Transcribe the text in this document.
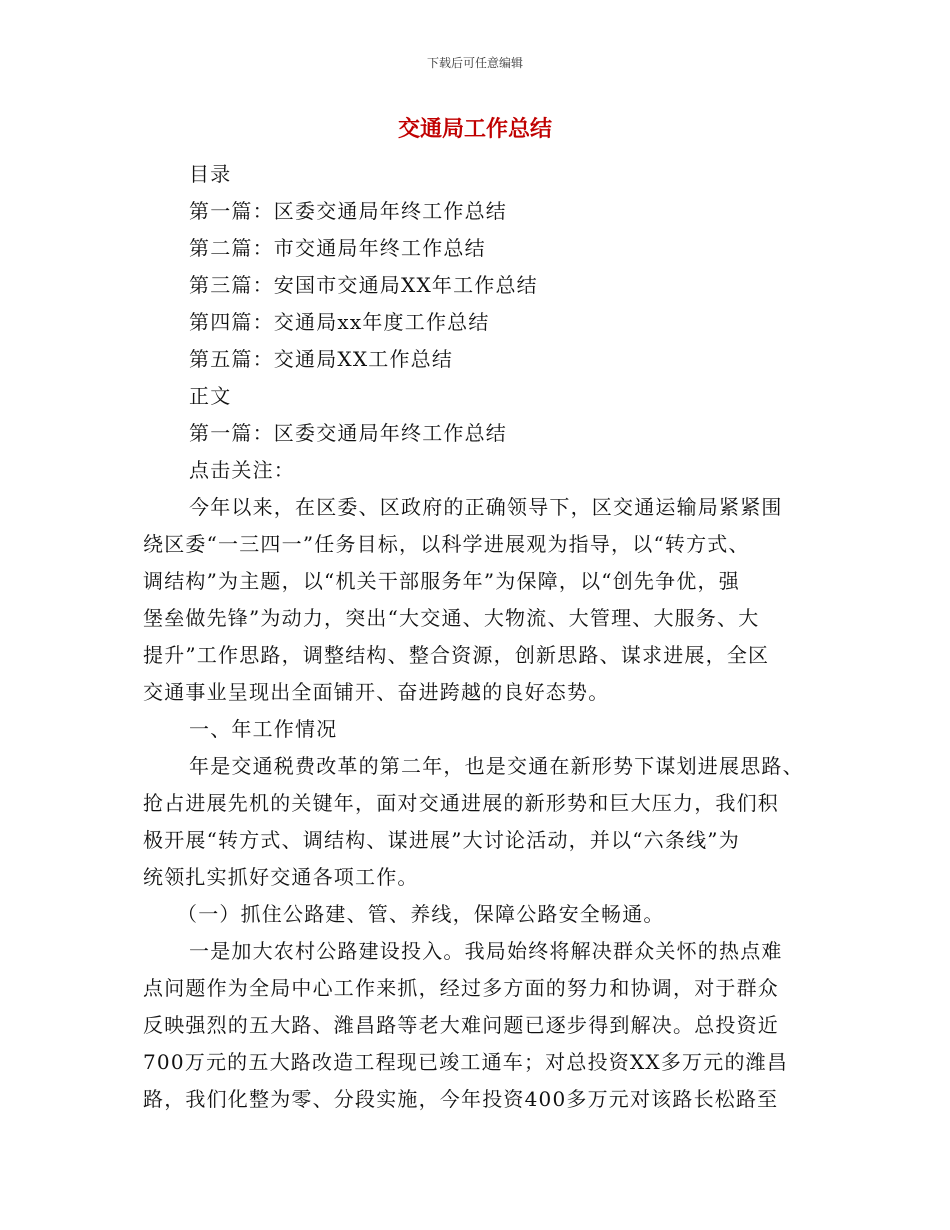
下载后可任意编辑
交通局工作总结
目录
第一篇：区委交通局年终工作总结
第二篇：市交通局年终工作总结
第三篇：安国市交通局XX年工作总结
第四篇：交通局xx年度工作总结
第五篇：交通局XX工作总结
正文
第一篇：区委交通局年终工作总结
点击关注：
今年以来，在区委、区政府的正确领导下，区交通运输局紧紧围
绕区委“一三四一”任务目标，以科学进展观为指导，以“转方式、
调结构”为主题，以“机关干部服务年”为保障，以“创先争优，强
堡垒做先锋”为动力，突出“大交通、大物流、大管理、大服务、大
提升”工作思路，调整结构、整合资源，创新思路、谋求进展，全区
交通事业呈现出全面铺开、奋进跨越的良好态势。
一、年工作情况
年是交通税费改革的第二年，也是交通在新形势下谋划进展思路、
抢占进展先机的关键年，面对交通进展的新形势和巨大压力，我们积
极开展“转方式、调结构、谋进展”大讨论活动，并以“六条线”为
统领扎实抓好交通各项工作。
（一）抓住公路建、管、养线，保障公路安全畅通。
一是加大农村公路建设投入。我局始终将解决群众关怀的热点难
点问题作为全局中心工作来抓，经过多方面的努力和协调，对于群众
反映强烈的五大路、潍昌路等老大难问题已逐步得到解决。总投资近
700万元的五大路改造工程现已竣工通车；对总投资XX多万元的潍昌
路，我们化整为零、分段实施，今年投资400多万元对该路长松路至
